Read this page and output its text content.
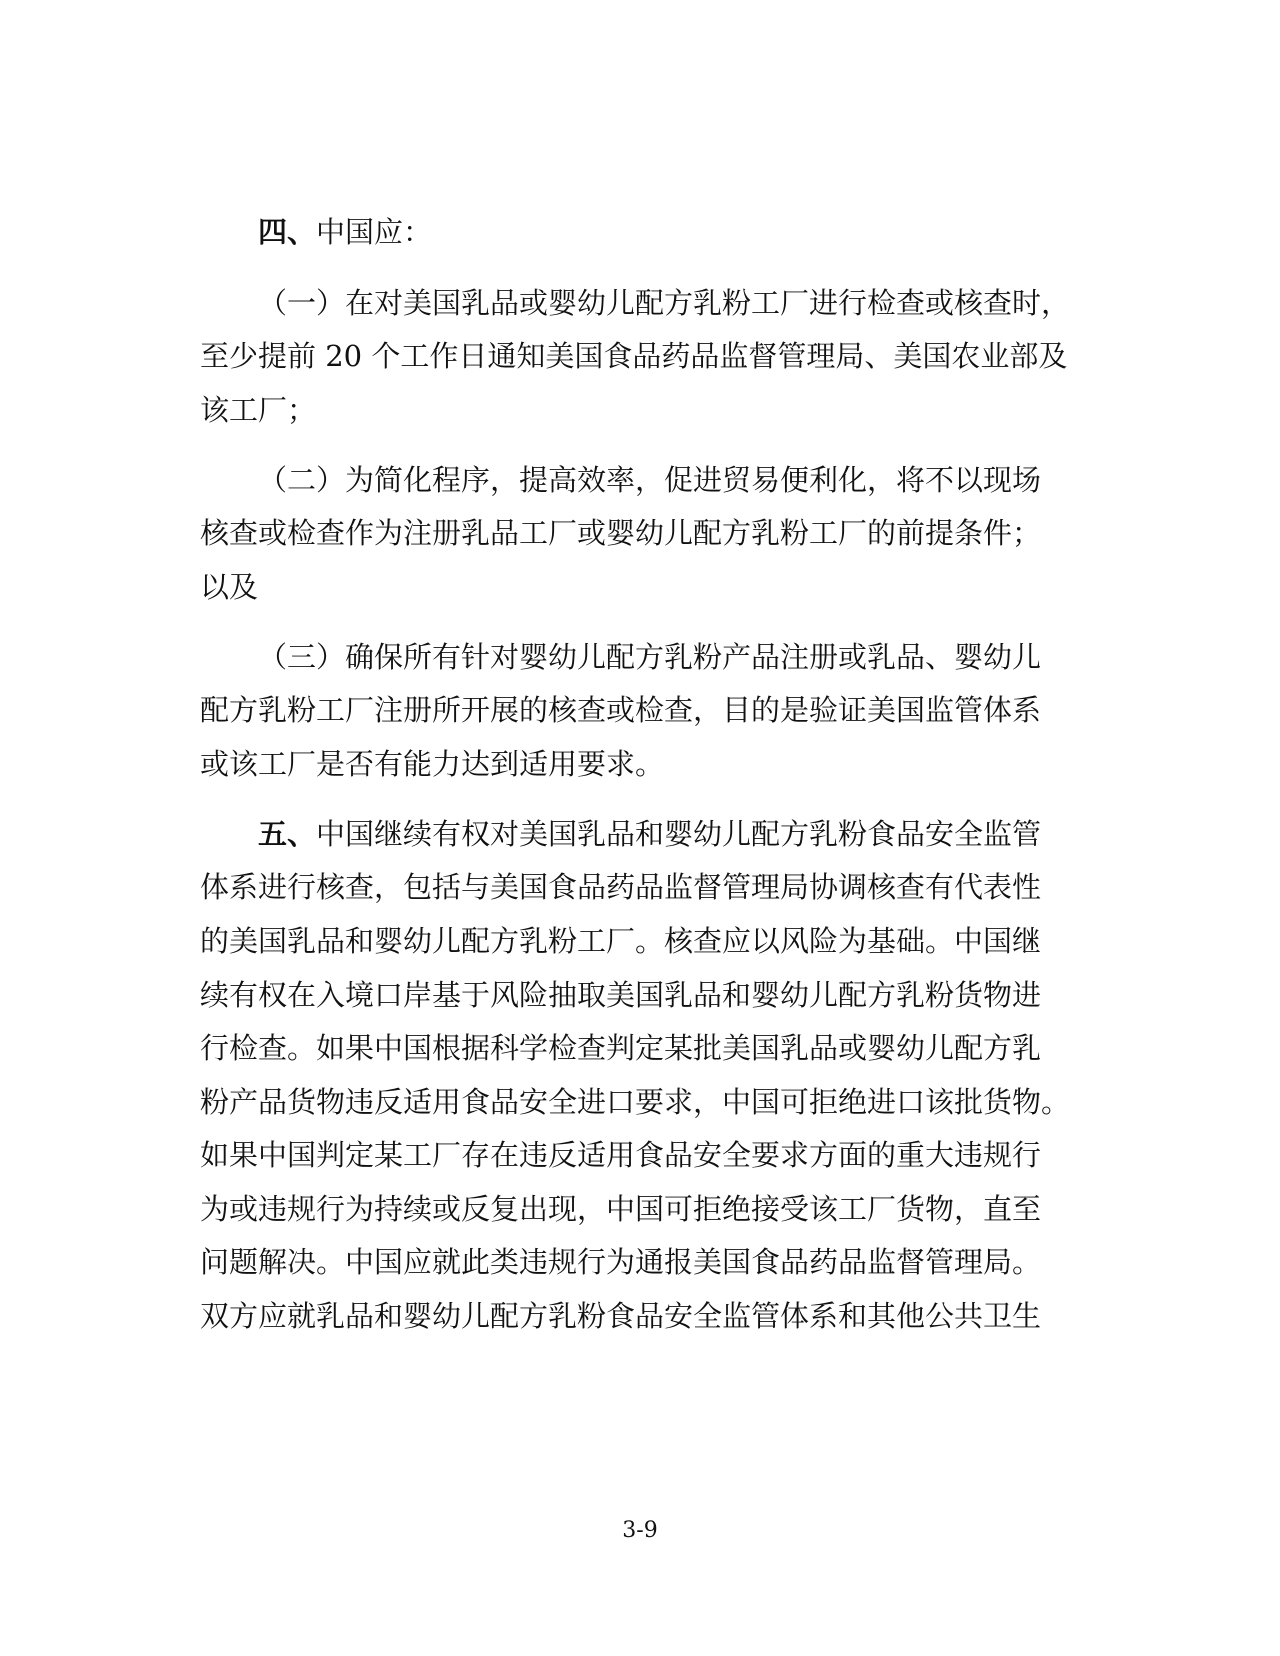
四、中国应：
（一）在对美国乳品或婴幼儿配方乳粉工厂进行检查或核查时，
至少提前 20 个工作日通知美国食品药品监督管理局、美国农业部及
该工厂；
（二）为简化程序，提高效率，促进贸易便利化，将不以现场
核查或检查作为注册乳品工厂或婴幼儿配方乳粉工厂的前提条件；
以及
（三）确保所有针对婴幼儿配方乳粉产品注册或乳品、婴幼儿
配方乳粉工厂注册所开展的核查或检查，目的是验证美国监管体系
或该工厂是否有能力达到适用要求。
五、中国继续有权对美国乳品和婴幼儿配方乳粉食品安全监管
体系进行核查，包括与美国食品药品监督管理局协调核查有代表性
的美国乳品和婴幼儿配方乳粉工厂。核查应以风险为基础。中国继
续有权在入境口岸基于风险抽取美国乳品和婴幼儿配方乳粉货物进
行检查。如果中国根据科学检查判定某批美国乳品或婴幼儿配方乳
粉产品货物违反适用食品安全进口要求，中国可拒绝进口该批货物。
如果中国判定某工厂存在违反适用食品安全要求方面的重大违规行
为或违规行为持续或反复出现，中国可拒绝接受该工厂货物，直至
问题解决。中国应就此类违规行为通报美国食品药品监督管理局。
双方应就乳品和婴幼儿配方乳粉食品安全监管体系和其他公共卫生
3-9
